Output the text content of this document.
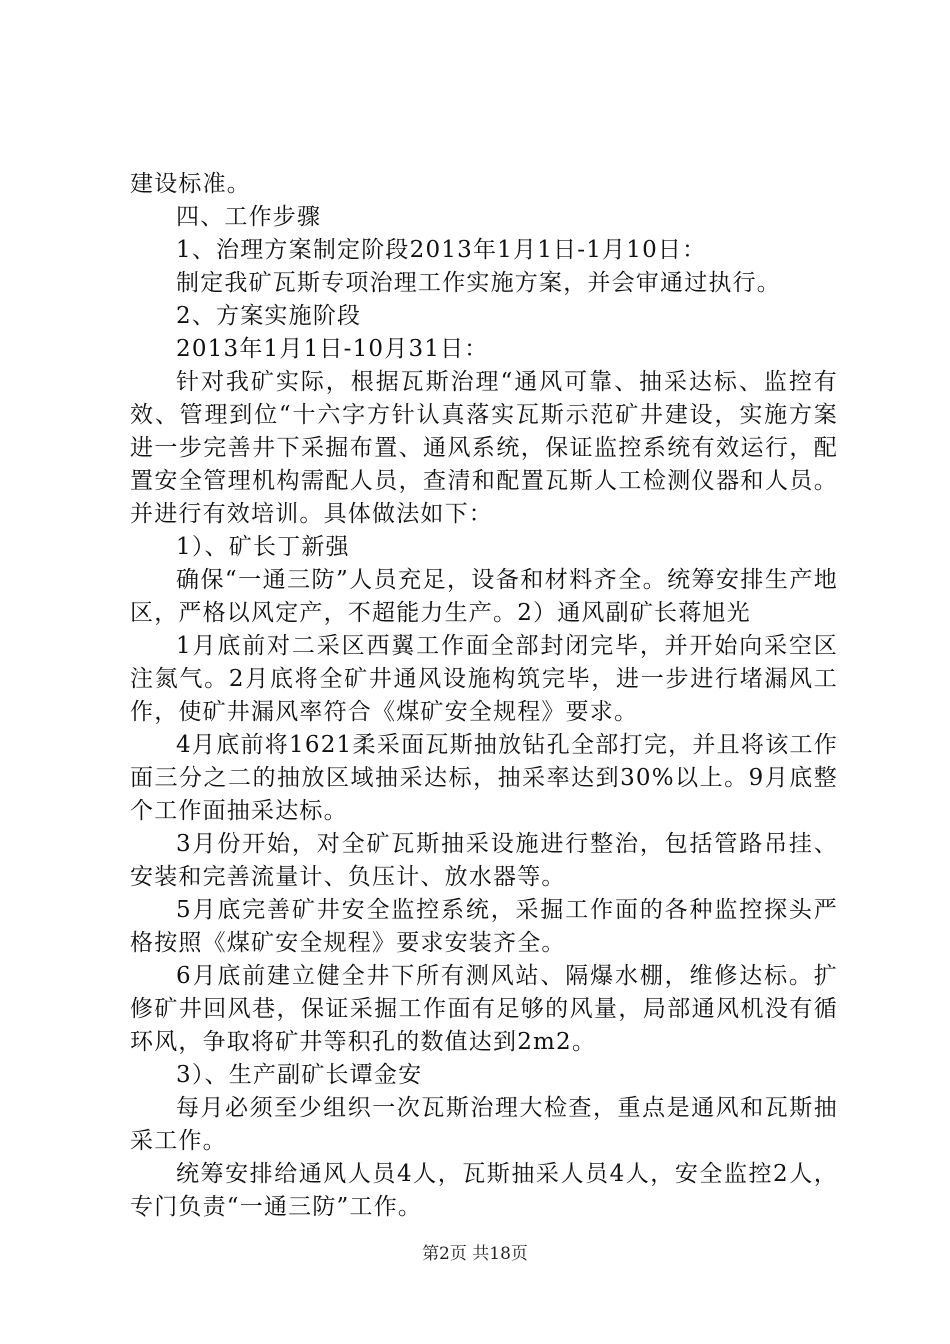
建设标准。

四、工作步骤

1、治理方案制定阶段2013年1月1日-1月10日：

制定我矿瓦斯专项治理工作实施方案，并会审通过执行。

2、方案实施阶段

2013年1月1日-10月31日：

针对我矿实际，根据瓦斯治理“通风可靠、抽采达标、监控有效、管理到位“十六字方针认真落实瓦斯示范矿井建设，实施方案进一步完善井下采掘布置、通风系统，保证监控系统有效运行，配置安全管理机构需配人员，查清和配置瓦斯人工检测仪器和人员。并进行有效培训。具体做法如下：

1）、矿长丁新强

确保“一通三防”人员充足，设备和材料齐全。统筹安排生产地区，严格以风定产，不超能力生产。2）通风副矿长蒋旭光

1月底前对二采区西翼工作面全部封闭完毕，并开始向采空区注氮气。2月底将全矿井通风设施构筑完毕，进一步进行堵漏风工作，使矿井漏风率符合《煤矿安全规程》要求。

4月底前将1621柔采面瓦斯抽放钻孔全部打完，并且将该工作面三分之二的抽放区域抽采达标，抽采率达到30%以上。9月底整个工作面抽采达标。

3月份开始，对全矿瓦斯抽采设施进行整治，包括管路吊挂、安装和完善流量计、负压计、放水器等。

5月底完善矿井安全监控系统，采掘工作面的各种监控探头严格按照《煤矿安全规程》要求安装齐全。

6月底前建立健全井下所有测风站、隔爆水棚，维修达标。扩修矿井回风巷，保证采掘工作面有足够的风量，局部通风机没有循环风，争取将矿井等积孔的数值达到2m2。

3）、生产副矿长谭金安

每月必须至少组织一次瓦斯治理大检查，重点是通风和瓦斯抽采工作。

统筹安排给通风人员4人，瓦斯抽采人员4人，安全监控2人，专门负责“一通三防”工作。

第2页 共18页
